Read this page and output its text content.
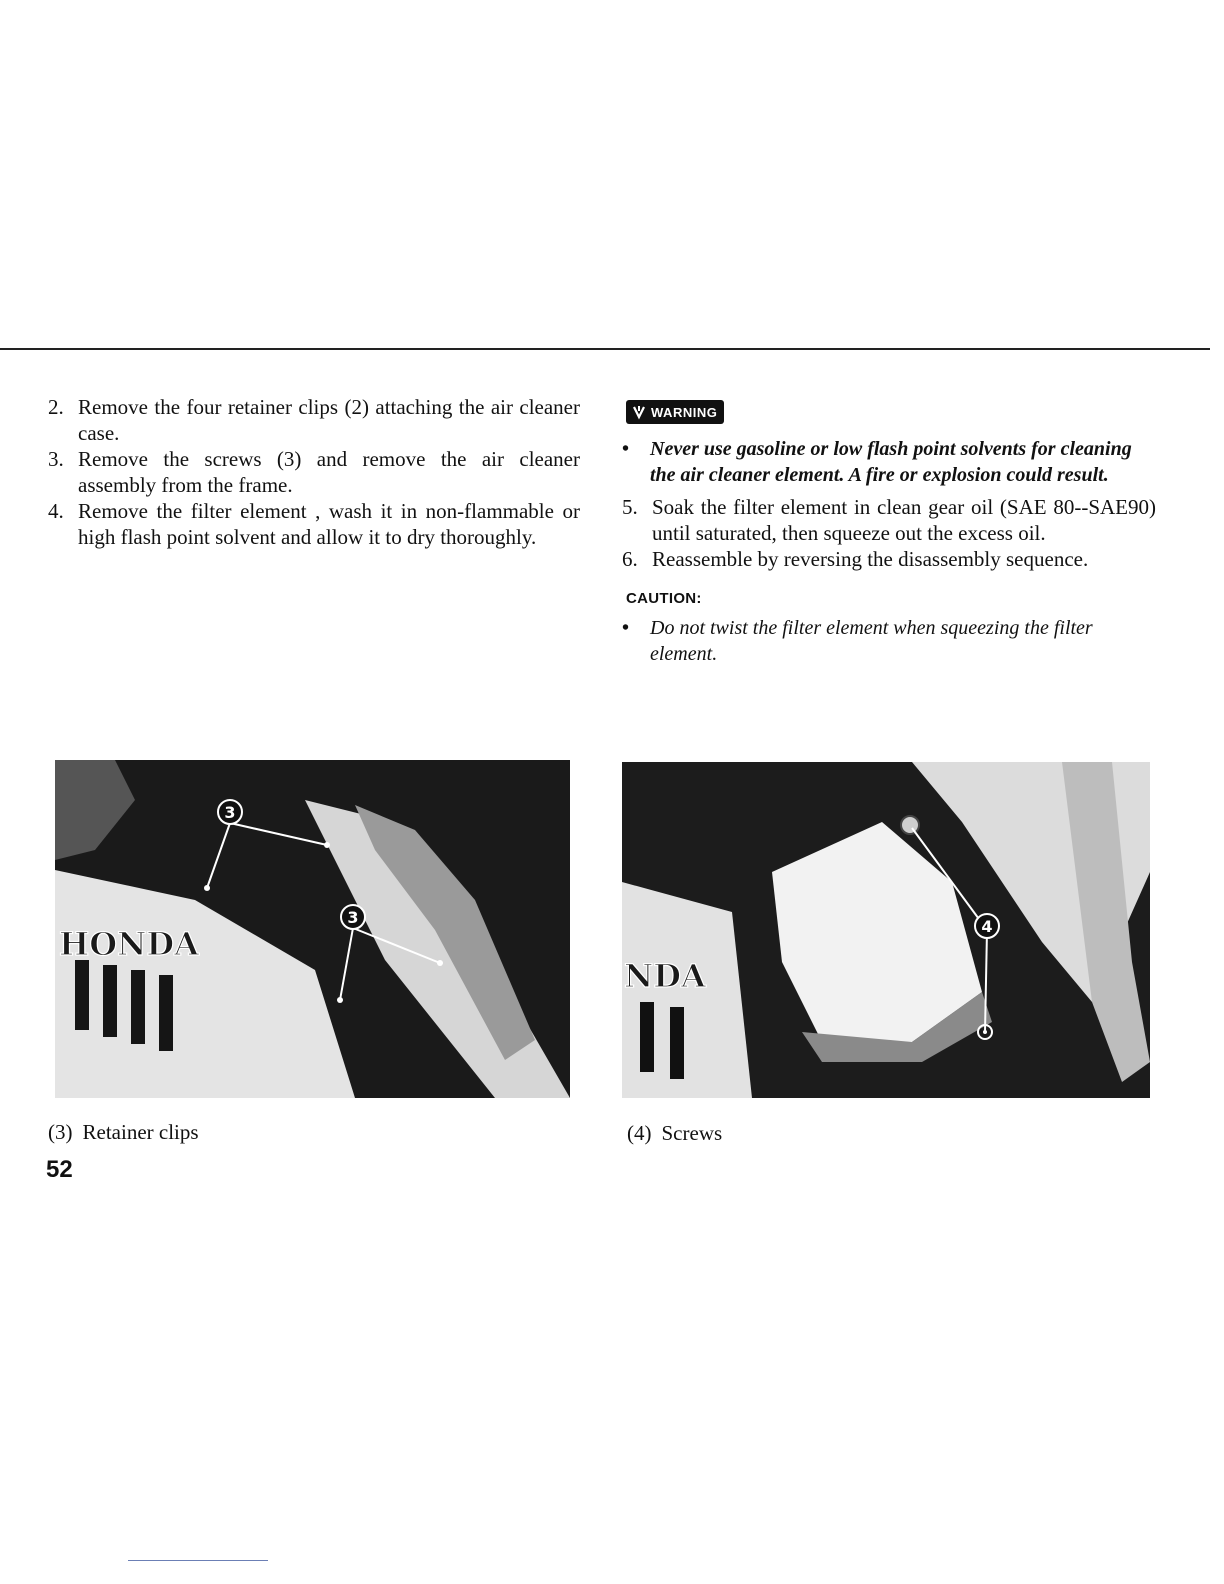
2. Remove the four retainer clips (2) attaching the air cleaner case.
3. Remove the screws (3) and remove the air cleaner assembly from the frame.
4. Remove the filter element , wash it in non-flammable or high flash point solvent and allow it to dry thoroughly.
WARNING
•	Never use gasoline or low flash point solvents for cleaning the air cleaner element. A fire or explosion could result.
5. Soak the filter element in clean gear oil (SAE 80--SAE90) until saturated, then squeeze out the excess oil.
6. Reassemble by reversing the disassembly sequence.
CAUTION:
•	Do not twist the filter element when squeezing the filter element.
HONDA
3
3
NDA
4
(3) Retainer clips	(4) Screws
52
